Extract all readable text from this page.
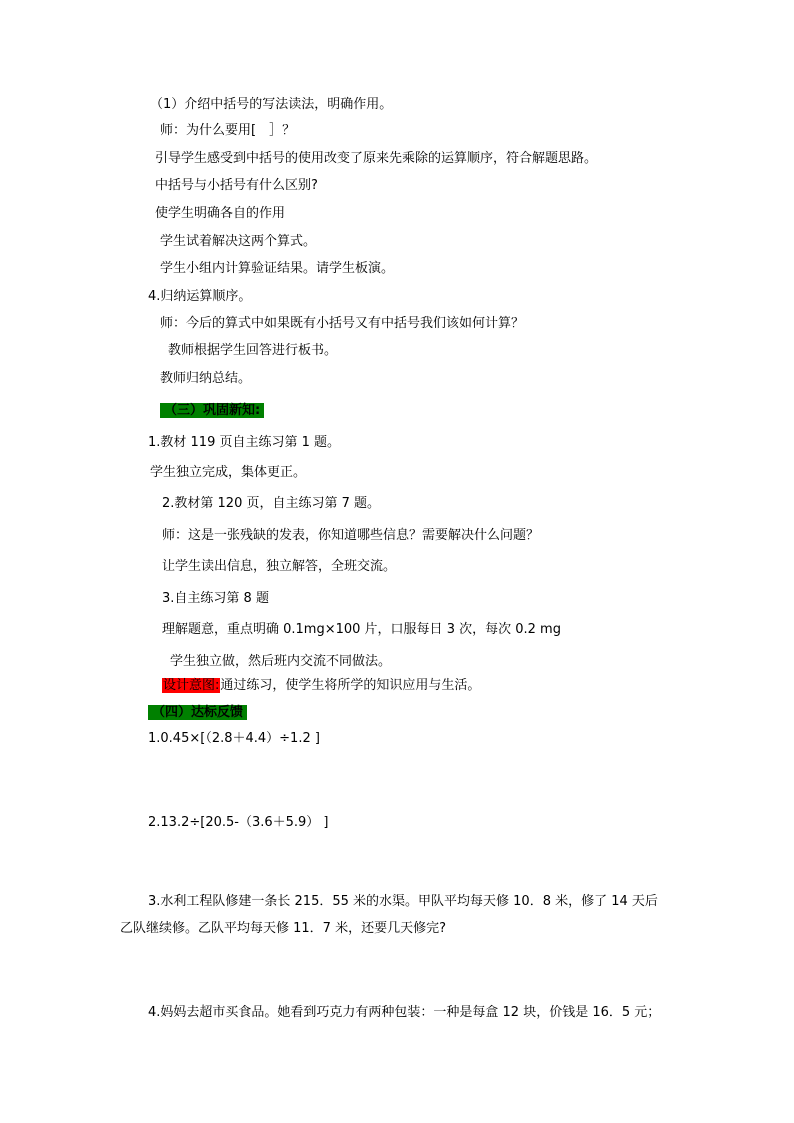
（1）介绍中括号的写法读法，明确作用。
师：为什么要用[　］？
引导学生感受到中括号的使用改变了原来先乘除的运算顺序，符合解题思路。
中括号与小括号有什么区别?
使学生明确各自的作用
学生试着解决这两个算式。
学生小组内计算验证结果。请学生板演。
4.归纳运算顺序。
师：今后的算式中如果既有小括号又有中括号我们该如何计算？
教师根据学生回答进行板书。
教师归纳总结。
（三）巩固新知:
1.教材 119 页自主练习第 1 题。
学生独立完成，集体更正。
2.教材第 120 页，自主练习第 7 题。
师：这是一张残缺的发表，你知道哪些信息？需要解决什么问题？
让学生读出信息，独立解答，全班交流。
3.自主练习第 8 题
理解题意，重点明确 0.1mg×100 片，口服每日 3 次，每次 0.2 mg
学生独立做，然后班内交流不同做法。
设计意图:通过练习，使学生将所学的知识应用与生活。
（四）达标反馈
1.0.45×[（2.8＋4.4）÷1.2 ]
2.13.2÷[20.5-（3.6＋5.9） ]
3.水利工程队修建一条长 215．55 米的水渠。甲队平均每天修 10．8 米，修了 14 天后
乙队继续修。乙队平均每天修 11．7 米，还要几天修完?
4.妈妈去超市买食品。她看到巧克力有两种包装：一种是每盒 12 块，价钱是 16．5 元；
